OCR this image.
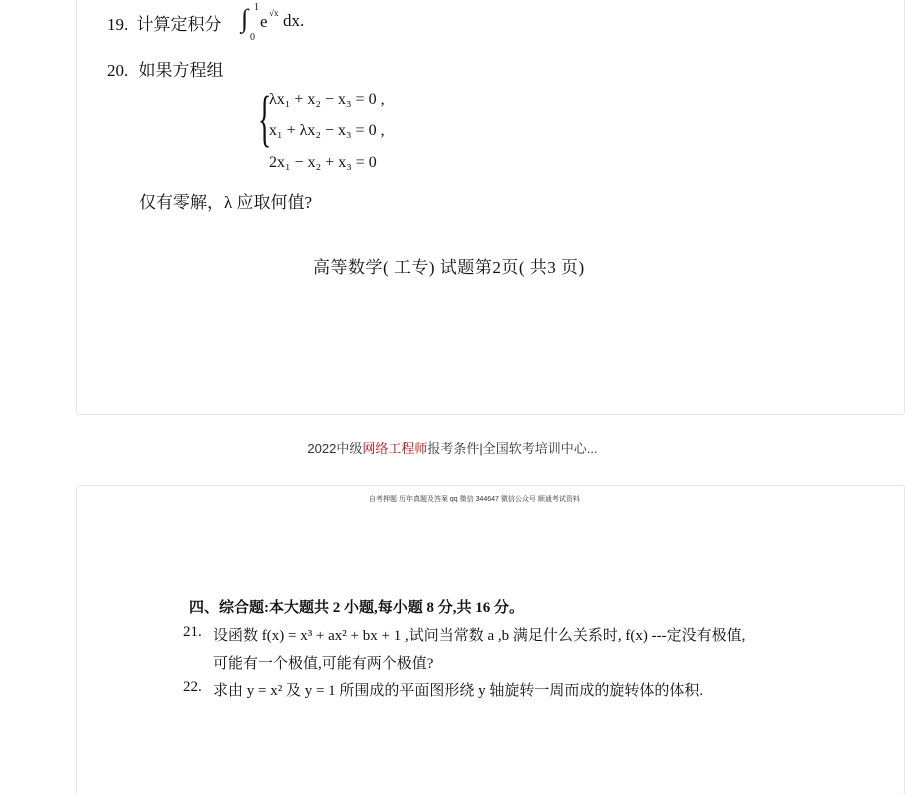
19. 计算定积分 ∫ 1
0
e √x dx.
20. 如果方程组
{
λx₁ + x₂ − x₃ = 0 ,
x₁ + λx₂ − x₃ = 0 ,
2x₁ − x₂ + x₃ = 0
仅有零解，λ 应取何值?
高等数学( 工专) 试题第2页( 共3 页)
2022中级网络工程师报考条件|全国软考培训中心...
自考押题 历年真题及答案 qq 微信 344647 微信公众号 顺通考试资料
四、综合题:本大题共 2 小题,每小题 8 分,共 16 分。
21. 设函数 f(x) = x³ + ax² + bx + 1 ,试问当常数 a ,b 满足什么关系时, f(x) ---定没有极值,
可能有一个极值,可能有两个极值?
22. 求由 y = x² 及 y = 1 所围成的平面图形绕 y 轴旋转一周而成的旋转体的体积.
